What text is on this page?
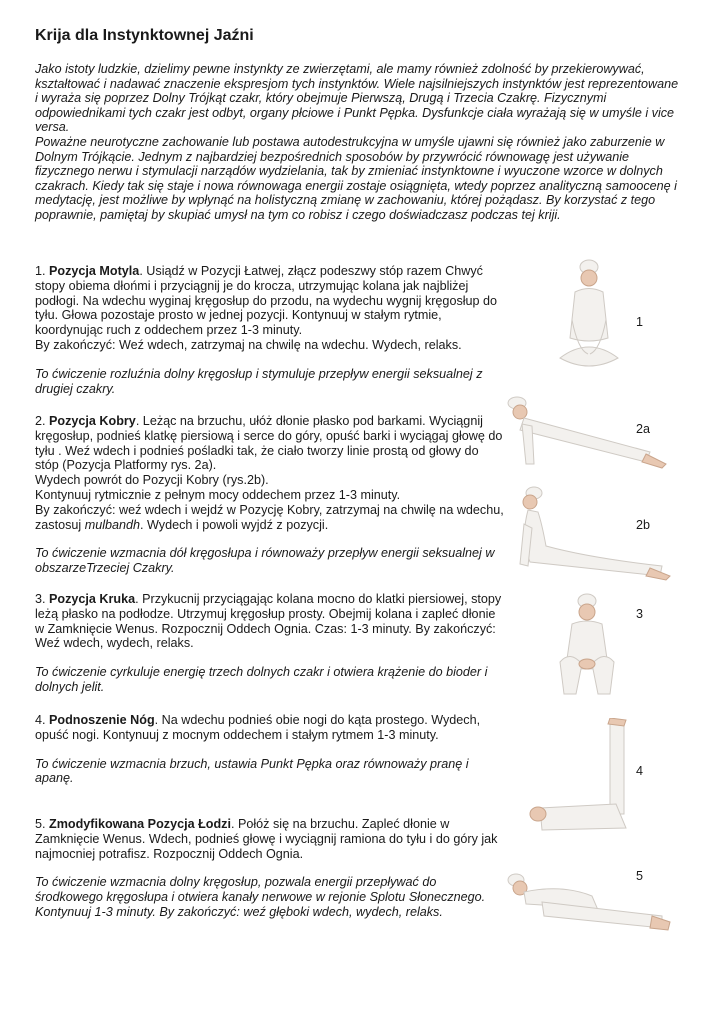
Krija dla Instynktownej Jaźni

Jako istoty ludzkie, dzielimy pewne instynkty ze zwierzętami, ale mamy również zdolność by przekierowywać, kształtować i nadawać znaczenie ekspresjom tych instynktów. Wiele najsilniejszych instynktów jest reprezentowane i wyraża się poprzez Dolny Trójkąt czakr, który obejmuje Pierwszą, Drugą i Trzecia Czakrę. Fizycznymi odpowiednikami tych czakr jest odbyt, organy płciowe i Punkt Pępka. Dysfunkcje ciała wyrażają się w umyśle i vice versa.

Poważne neurotyczne zachowanie lub postawa autodestrukcyjna w umyśle ujawni się również jako zaburzenie w Dolnym Trójkącie. Jednym z najbardziej bezpośrednich sposobów by przywrócić równowagę jest używanie fizycznego nerwu i stymulacji narządów wydzielania, tak by zmieniać instynktowne i wyuczone wzorce w dolnych czakrach. Kiedy tak się staje i nowa równowaga energii zostaje osiągnięta, wtedy poprzez analityczną samoocenę i medytację, jest możliwe by wpłynąć na holistyczną zmianę w zachowaniu, której pożądasz. By korzystać z tego poprawnie, pamiętaj by skupiać umysł na tym co robisz i czego doświadczasz podczas tej kriji.

1. Pozycja Motyla. Usiądź w Pozycji Łatwej, złącz podeszwy stóp razem Chwyć stopy obiema dłońmi i przyciągnij je do krocza, utrzymując kolana jak najbliżej podłogi. Na wdechu wyginaj kręgosłup do przodu, na wydechu wygnij kręgosłup do tyłu. Głowa pozostaje prosto w jednej pozycji. Kontynuuj w stałym rytmie, koordynując ruch z oddechem przez 1-3 minuty.

By zakończyć: Weź wdech, zatrzymaj na chwilę na wdechu. Wydech, relaks.

To ćwiczenie rozluźnia dolny kręgosłup i stymuluje przepływ energii seksualnej z drugiej czakry.

2. Pozycja Kobry. Leżąc na brzuchu, ułóż dłonie płasko pod barkami. Wyciągnij kręgosłup, podnieś klatkę piersiową i serce do góry, opuść barki i wyciągaj głowę do tyłu . Weź wdech i podnieś pośladki tak, że ciało tworzy linie prostą od głowy do stóp (Pozycja Platformy rys. 2a).

Wydech powrót do Pozycji Kobry (rys.2b).

Kontynuuj rytmicznie z pełnym mocy oddechem przez 1-3 minuty.

By zakończyć: weź wdech i wejdź w Pozycję Kobry, zatrzymaj na chwilę na wdechu, zastosuj mulbandh. Wydech i powoli wyjdź z pozycji.

To ćwiczenie wzmacnia dół kręgosłupa i równoważy przepływ energii seksualnej w obszarzeTrzeciej Czakry.

3. Pozycja Kruka. Przykucnij przyciągając kolana mocno do klatki piersiowej, stopy leżą płasko na podłodze. Utrzymuj kręgosłup prosty. Obejmij kolana i zapleć dłonie w Zamknięcie Wenus. Rozpocznij Oddech Ognia. Czas: 1-3 minuty. By zakończyć: Weź wdech, wydech, relaks.

To ćwiczenie cyrkuluje energię trzech dolnych czakr i otwiera krążenie do bioder i dolnych jelit.

4. Podnoszenie Nóg. Na wdechu podnieś obie nogi do kąta prostego. Wydech, opuść nogi. Kontynuuj z mocnym oddechem i stałym rytmem 1-3 minuty.

To ćwiczenie wzmacnia brzuch, ustawia Punkt Pępka oraz równoważy pranę i apanę.

5. Zmodyfikowana Pozycja Łodzi. Połóż się na brzuchu. Zapleć dłonie w Zamknięcie Wenus. Wdech, podnieś głowę i wyciągnij ramiona do tyłu i do góry jak najmocniej potrafisz. Rozpocznij Oddech Ognia.

To ćwiczenie wzmacnia dolny kręgosłup, pozwala energii przepływać do środkowego kręgosłupa i otwiera kanały nerwowe w rejonie Splotu Słonecznego. Kontynuuj 1-3 minuty. By zakończyć: weź głęboki wdech, wydech, relaks.

1
2a
2b
3
4
5
